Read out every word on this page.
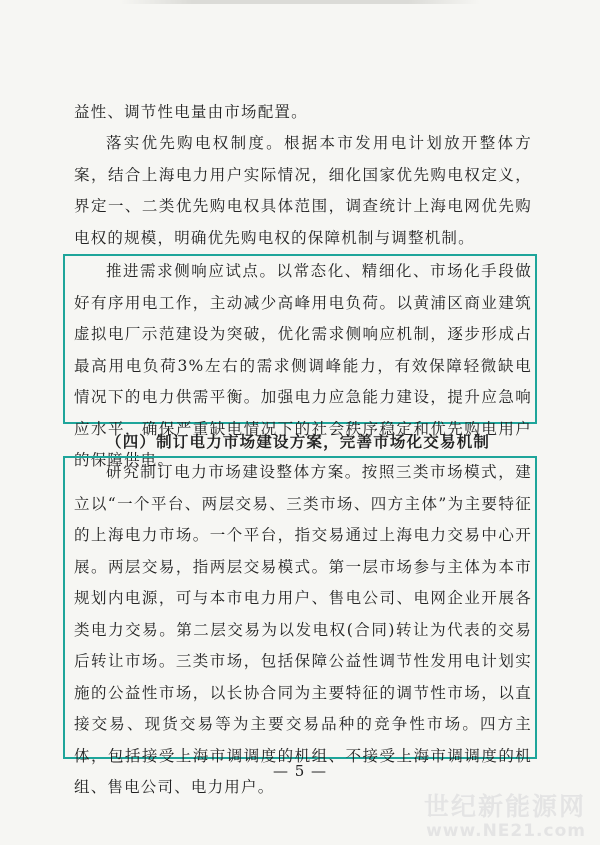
益性、调节性电量由市场配置。

落实优先购电权制度。根据本市发用电计划放开整体方案，结合上海电力用户实际情况，细化国家优先购电权定义，界定一、二类优先购电权具体范围，调查统计上海电网优先购电权的规模，明确优先购电权的保障机制与调整机制。

推进需求侧响应试点。以常态化、精细化、市场化手段做好有序用电工作，主动减少高峰用电负荷。以黄浦区商业建筑虚拟电厂示范建设为突破，优化需求侧响应机制，逐步形成占最高用电负荷3%左右的需求侧调峰能力，有效保障轻微缺电情况下的电力供需平衡。加强电力应急能力建设，提升应急响应水平，确保严重缺电情况下的社会秩序稳定和优先购电用户的保障供电。

（四）制订电力市场建设方案，完善市场化交易机制

研究制订电力市场建设整体方案。按照三类市场模式，建立以“一个平台、两层交易、三类市场、四方主体”为主要特征的上海电力市场。一个平台，指交易通过上海电力交易中心开展。两层交易，指两层交易模式。第一层市场参与主体为本市规划内电源，可与本市电力用户、售电公司、电网企业开展各类电力交易。第二层交易为以发电权(合同)转让为代表的交易后转让市场。三类市场，包括保障公益性调节性发用电计划实施的公益性市场，以长协合同为主要特征的调节性市场，以直接交易、现货交易等为主要交易品种的竞争性市场。四方主体，包括接受上海市调调度的机组、不接受上海市调调度的机组、售电公司、电力用户。

— 5 —
世纪新能源网
www.NE21.com
